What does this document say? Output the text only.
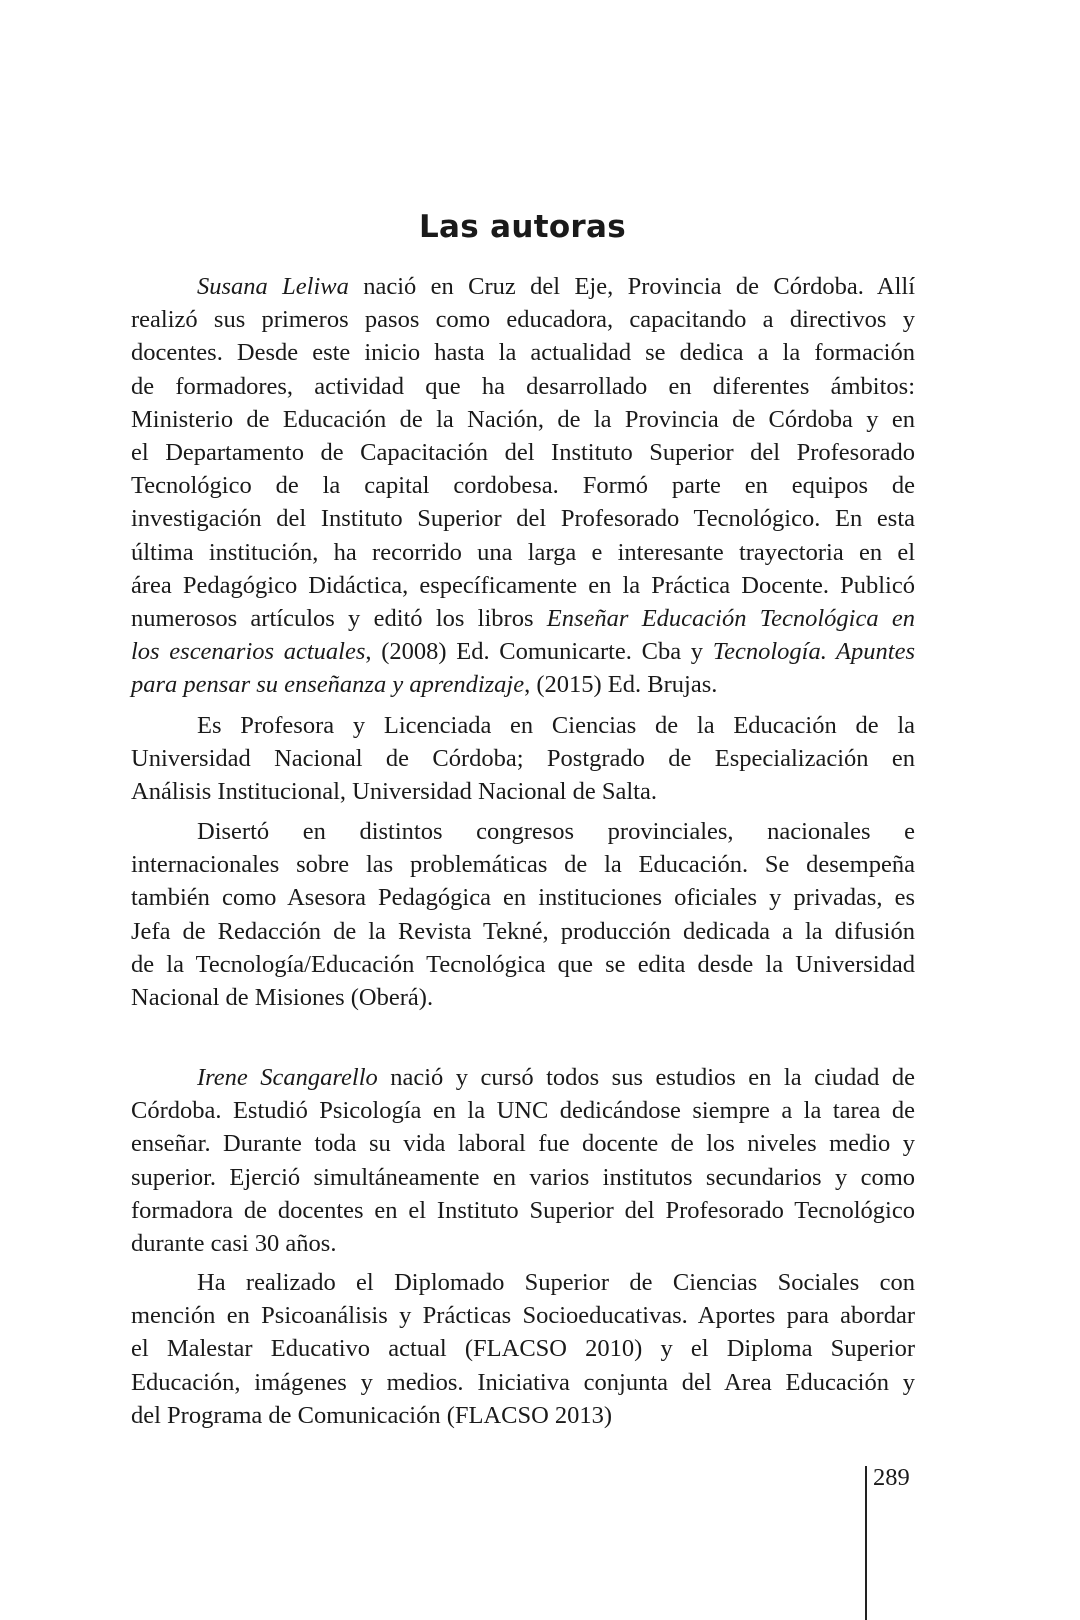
Las autoras
Susana Leliwa nació en Cruz del Eje, Provincia de Córdoba. Allí
realizó sus primeros pasos como educadora, capacitando a directivos y
docentes. Desde este inicio hasta la actualidad se dedica a la formación
de formadores, actividad que ha desarrollado en diferentes ámbitos:
Ministerio de Educación de la Nación, de la Provincia de Córdoba y en
el Departamento de Capacitación del Instituto Superior del Profesorado
Tecnológico de la capital cordobesa. Formó parte en equipos de
investigación del Instituto Superior del Profesorado Tecnológico. En esta
última institución, ha recorrido una larga e interesante trayectoria en el
área Pedagógico Didáctica, específicamente en la Práctica Docente. Publicó
numerosos artículos y editó los libros Enseñar Educación Tecnológica en
los escenarios actuales, (2008) Ed. Comunicarte. Cba y Tecnología. Apuntes
para pensar su enseñanza y aprendizaje, (2015) Ed. Brujas.
Es Profesora y Licenciada en Ciencias de la Educación de la
Universidad Nacional de Córdoba; Postgrado de Especialización en
Análisis Institucional, Universidad Nacional de Salta.
Disertó en distintos congresos provinciales, nacionales e
internacionales sobre las problemáticas de la Educación. Se desempeña
también como Asesora Pedagógica en instituciones oficiales y privadas, es
Jefa de Redacción de la Revista Tekné, producción dedicada a la difusión
de la Tecnología/Educación Tecnológica que se edita desde la Universidad
Nacional de Misiones (Oberá).
Irene Scangarello nació y cursó todos sus estudios en la ciudad de
Córdoba. Estudió Psicología en la UNC dedicándose siempre a la tarea de
enseñar. Durante toda su vida laboral fue docente de los niveles medio y
superior. Ejerció simultáneamente en varios institutos secundarios y como
formadora de docentes en el Instituto Superior del Profesorado Tecnológico
durante casi 30 años.
Ha realizado el Diplomado Superior de Ciencias Sociales con
mención en Psicoanálisis y Prácticas Socioeducativas. Aportes para abordar
el Malestar Educativo actual (FLACSO 2010) y el Diploma Superior
Educación, imágenes y medios. Iniciativa conjunta del Area Educación y
del Programa de Comunicación (FLACSO 2013)
289
